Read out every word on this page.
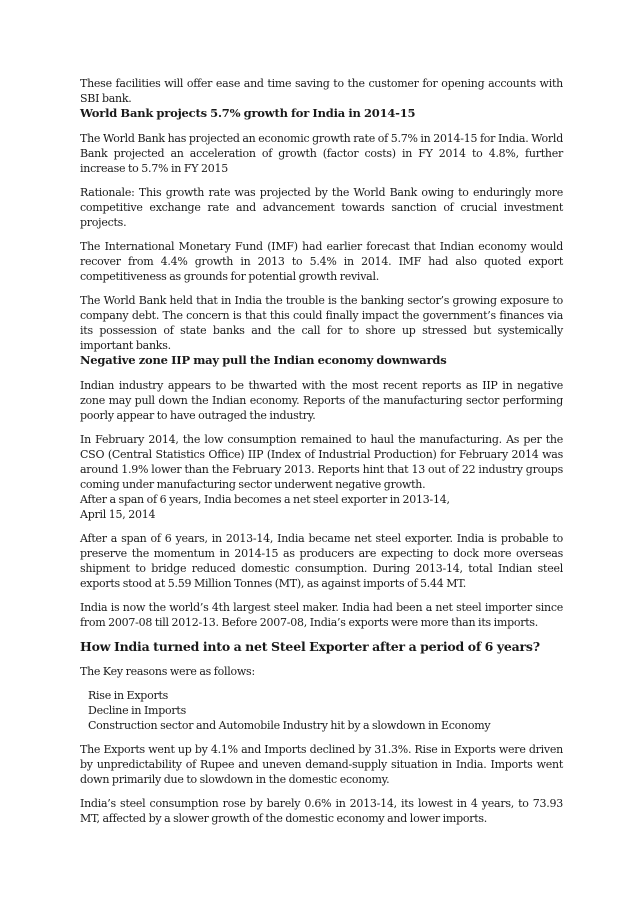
These facilities will offer ease and time saving to the customer for opening accounts with SBI bank.

World Bank projects 5.7% growth for India in 2014-15

The World Bank has projected an economic growth rate of 5.7% in 2014-15 for India. World Bank projected an acceleration of growth (factor costs) in FY 2014 to 4.8%, further increase to 5.7% in FY 2015

Rationale: This growth rate was projected by the World Bank owing to enduringly more competitive exchange rate and advancement towards sanction of crucial investment projects.

The International Monetary Fund (IMF) had earlier forecast that Indian economy would recover from 4.4% growth in 2013 to 5.4% in 2014. IMF had also quoted export competitiveness as grounds for potential growth revival.

The World Bank held that in India the trouble is the banking sector’s growing exposure to company debt. The concern is that this could finally impact the government’s finances via its possession of state banks and the call for to shore up stressed but systemically important banks.

Negative zone IIP may pull the Indian economy downwards

Indian industry appears to be thwarted with the most recent reports as IIP in negative zone may pull down the Indian economy. Reports of the manufacturing sector performing poorly appear to have outraged the industry.

In February 2014, the low consumption remained to haul the manufacturing. As per the CSO (Central Statistics Office) IIP (Index of Industrial Production) for February 2014 was around 1.9% lower than the February 2013. Reports hint that 13 out of 22 industry groups coming under manufacturing sector underwent negative growth.

After a span of 6 years, India becomes a net steel exporter in 2013-14,

April 15, 2014

After a span of 6 years, in 2013-14, India became net steel exporter. India is probable to preserve the momentum in 2014-15 as producers are expecting to dock more overseas shipment to bridge reduced domestic consumption. During 2013-14, total Indian steel exports stood at 5.59 Million Tonnes (MT), as against imports of 5.44 MT.

India is now the world’s 4th largest steel maker. India had been a net steel importer since from 2007-08 till 2012-13. Before 2007-08, India’s exports were more than its imports.

How India turned into a net Steel Exporter after a period of 6 years?

The Key reasons were as follows:

Rise in Exports
Decline in Imports
Construction sector and Automobile Industry hit by a slowdown in Economy

The Exports went up by 4.1% and Imports declined by 31.3%. Rise in Exports were driven by unpredictability of Rupee and uneven demand-supply situation in India. Imports went down primarily due to slowdown in the domestic economy.

India’s steel consumption rose by barely 0.6% in 2013-14, its lowest in 4 years, to 73.93 MT, affected by a slower growth of the domestic economy and lower imports.
